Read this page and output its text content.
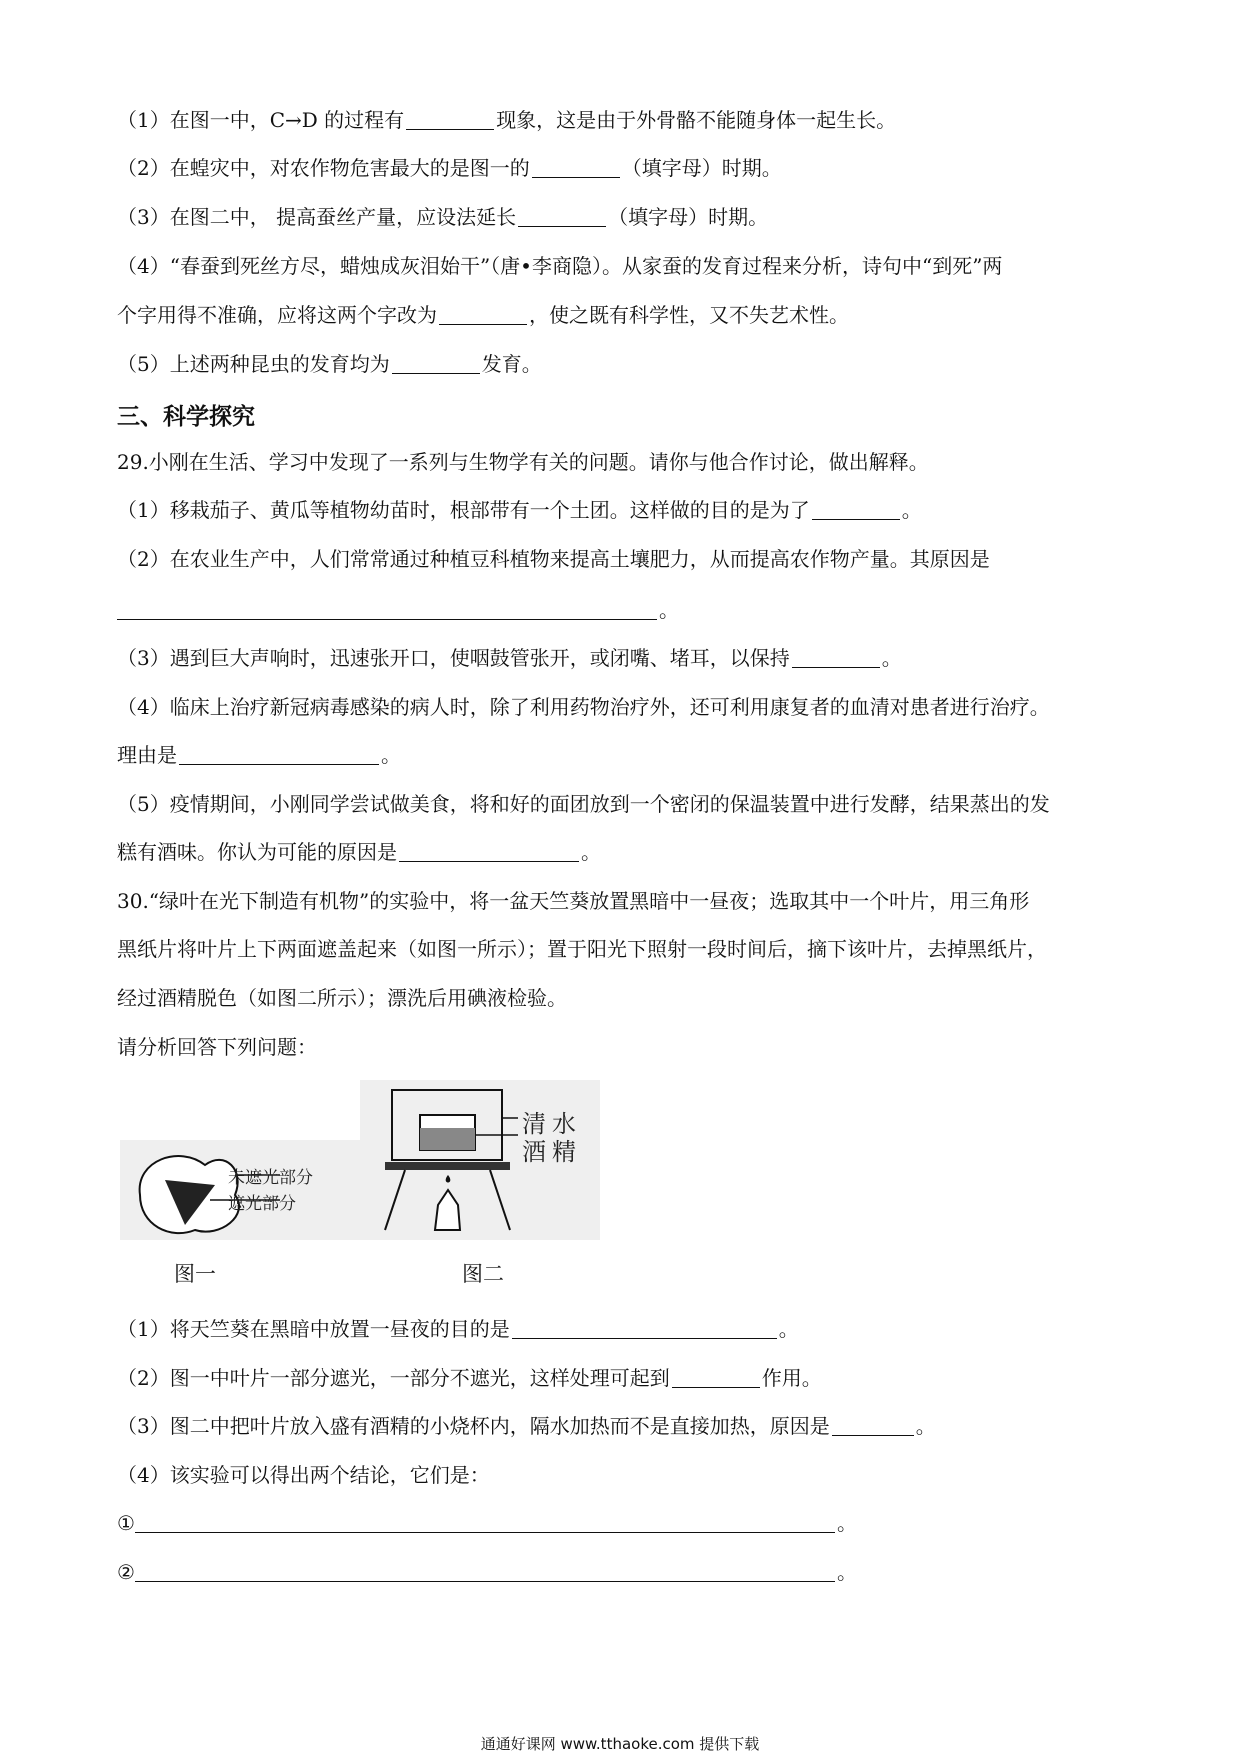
（1）在图一中，C→D 的过程有	现象，这是由于外骨骼不能随身体一起生长。
（2）在蝗灾中，对农作物危害最大的是图一的	（填字母）时期。
（3）在图二中， 提高蚕丝产量，应设法延长	（填字母）时期。
（4）“春蚕到死丝方尽，蜡烛成灰泪始干”（唐•李商隐）。从家蚕的发育过程来分析，诗句中“到死”两
个字用得不准确，应将这两个字改为	，使之既有科学性，又不失艺术性。
（5）上述两种昆虫的发育均为	发育。
三、科学探究
29.小刚在生活、学习中发现了一系列与生物学有关的问题。请你与他合作讨论，做出解释。
（1）移栽茄子、黄瓜等植物幼苗时，根部带有一个土团。这样做的目的是为了	。
（2）在农业生产中，人们常常通过种植豆科植物来提高土壤肥力，从而提高农作物产量。其原因是
。
（3）遇到巨大声响时，迅速张开口，使咽鼓管张开，或闭嘴、堵耳，以保持	。
（4）临床上治疗新冠病毒感染的病人时，除了利用药物治疗外，还可利用康复者的血清对患者进行治疗。
理由是	。
（5）疫情期间，小刚同学尝试做美食，将和好的面团放到一个密闭的保温装置中进行发酵，结果蒸出的发
糕有酒味。你认为可能的原因是	。
30.“绿叶在光下制造有机物”的实验中，将一盆天竺葵放置黑暗中一昼夜；选取其中一个叶片，用三角形
黑纸片将叶片上下两面遮盖起来（如图一所示）；置于阳光下照射一段时间后，摘下该叶片，去掉黑纸片，
经过酒精脱色（如图二所示）；漂洗后用碘液检验。
请分析回答下列问题：
未遮光部分
遮光部分
清水
酒精
图一	图二
（1）将天竺葵在黑暗中放置一昼夜的目的是	。
（2）图一中叶片一部分遮光，一部分不遮光，这样处理可起到	作用。
（3）图二中把叶片放入盛有酒精的小烧杯内，隔水加热而不是直接加热，原因是	。
（4）该实验可以得出两个结论，它们是：
①	。
②	。
通通好课网 www.tthaoke.com 提供下载
